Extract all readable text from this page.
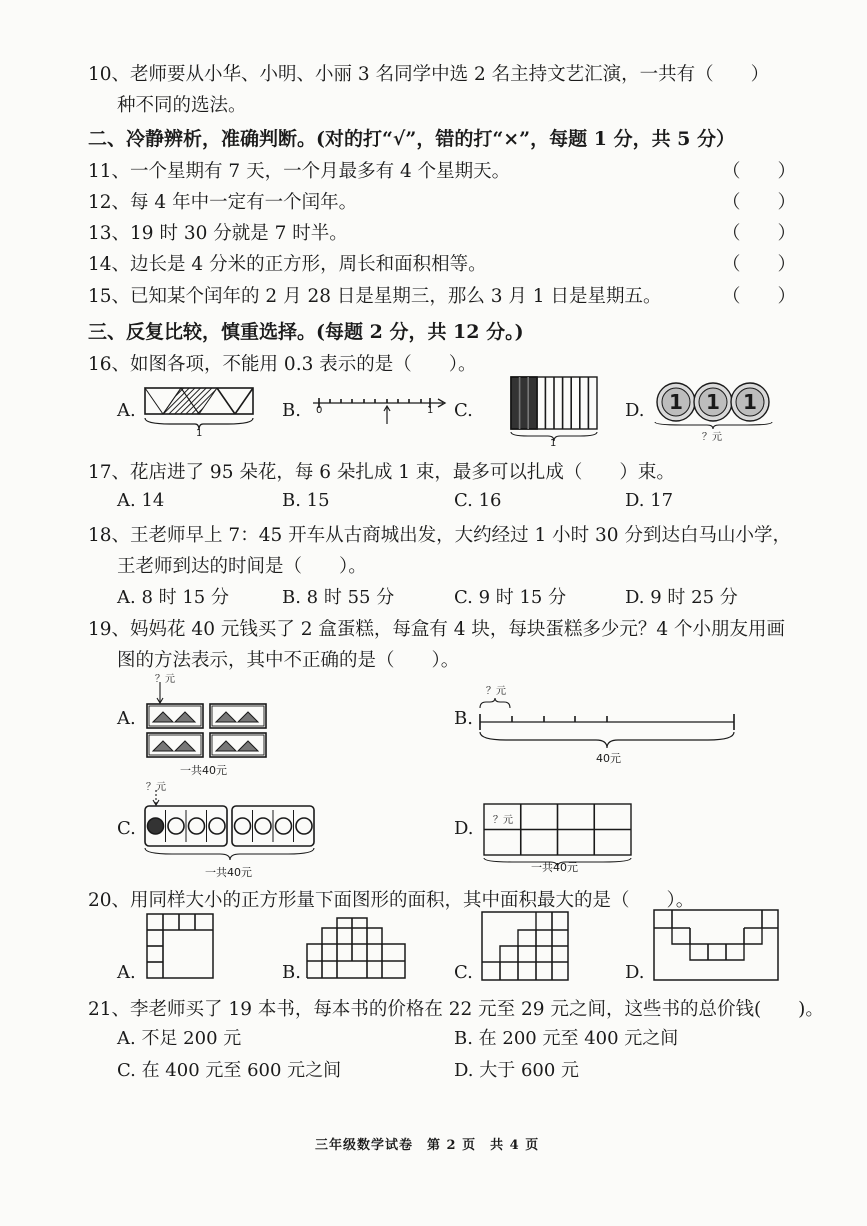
10、老师要从小华、小明、小丽 3 名同学中选 2 名主持文艺汇演，一共有（　　）
种不同的选法。
二、冷静辨析，准确判断。(对的打“√”，错的打“×”，每题 1 分，共 5 分）
11、一个星期有 7 天，一个月最多有 4 个星期天。	（　　）
12、每 4 年中一定有一个闰年。	（　　）
13、19 时 30 分就是 7 时半。	（　　）
14、边长是 4 分米的正方形，周长和面积相等。	（　　）
15、已知某个闰年的 2 月 28 日是星期三，那么 3 月 1 日是星期五。	（　　）
三、反复比较，慎重选择。(每题 2 分，共 12 分。)
16、如图各项，不能用 0.3 表示的是（　　）。
A.
1
B. 0	1 C.
1
D. 1 1 1
？元
17、花店进了 95 朵花，每 6 朵扎成 1 束，最多可以扎成（　　）束。
A. 14	B. 15	C. 16	D. 17
18、王老师早上 7：45 开车从古商城出发，大约经过 1 小时 30 分到达白马山小学，
王老师到达的时间是（　　）。
A. 8 时 15 分	B. 8 时 55 分	C. 9 时 15 分	D. 9 时 25 分
19、妈妈花 40 元钱买了 2 盒蛋糕，每盒有 4 块，每块蛋糕多少元？4 个小朋友用画
图的方法表示，其中不正确的是（　　）。
A.
？元
一共40元
B.
？元
40元
C.
？元
一共40元
D. ？元
一共40元
20、用同样大小的正方形量下面图形的面积，其中面积最大的是（　　）。
A.	B.	C.	D.
21、李老师买了 19 本书，每本书的价格在 22 元至 29 元之间，这些书的总价钱(　　)。
A. 不足 200 元	B. 在 200 元至 400 元之间
C. 在 400 元至 600 元之间	D. 大于 600 元
三年级数学试卷　第 2 页　共 4 页
